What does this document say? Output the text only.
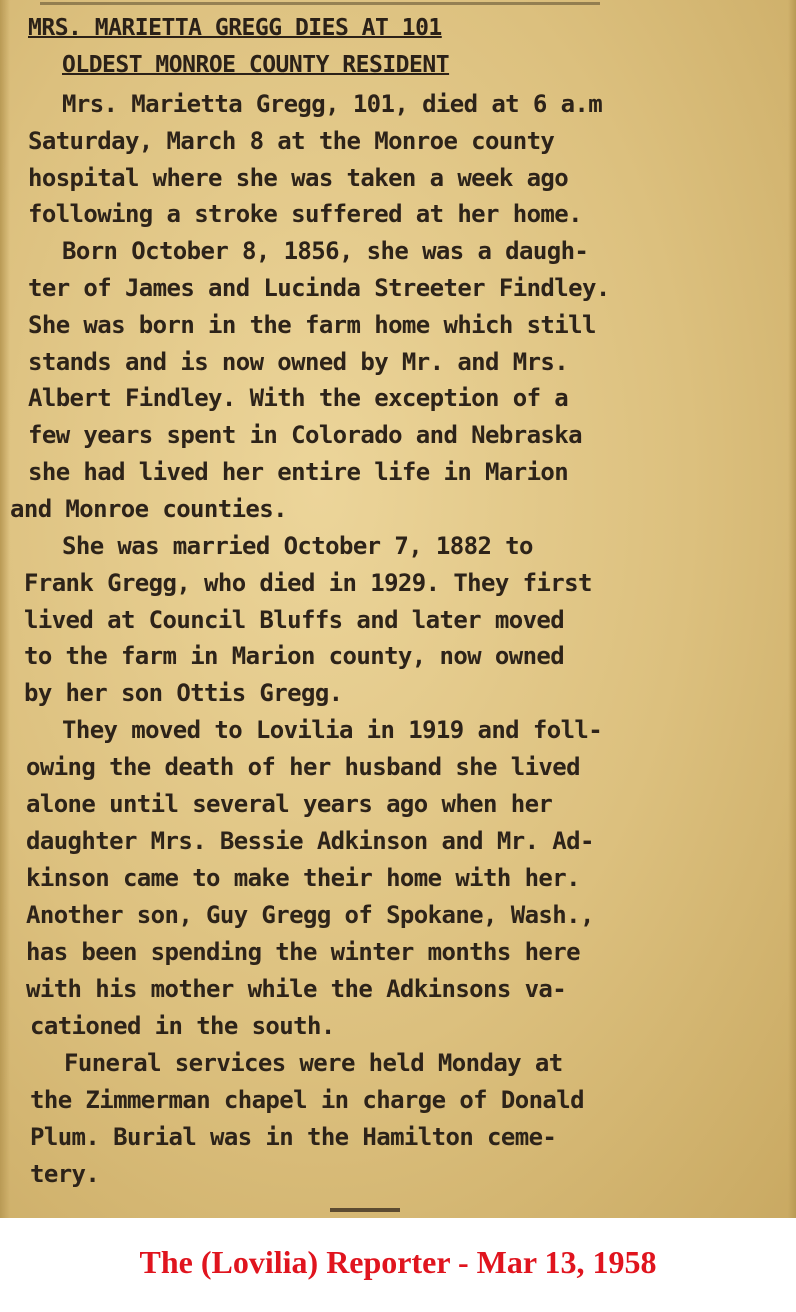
MRS. MARIETTA GREGG DIES AT 101
OLDEST MONROE COUNTY RESIDENT
Mrs. Marietta Gregg, 101, died at 6 a.m
Saturday, March 8 at the Monroe county
hospital where she was taken a week ago
following a stroke suffered at her home.
Born October 8, 1856, she was a daugh-
ter of James and Lucinda Streeter Findley.
She was born in the farm home which still
stands and is now owned by Mr. and Mrs.
Albert Findley. With the exception of a
few years spent in Colorado and Nebraska
she had lived her entire life in Marion
and Monroe counties.
She was married October 7, 1882 to
Frank Gregg, who died in 1929. They first
lived at Council Bluffs and later moved
to the farm in Marion county, now owned
by her son Ottis Gregg.
They moved to Lovilia in 1919 and foll-
owing the death of her husband she lived
alone until several years ago when her
daughter Mrs. Bessie Adkinson and Mr. Ad-
kinson came to make their home with her.
Another son, Guy Gregg of Spokane, Wash.,
has been spending the winter months here
with his mother while the Adkinsons va-
cationed in the south.
Funeral services were held Monday at
the Zimmerman chapel in charge of Donald
Plum. Burial was in the Hamilton ceme-
tery.
The (Lovilia) Reporter - Mar 13, 1958
